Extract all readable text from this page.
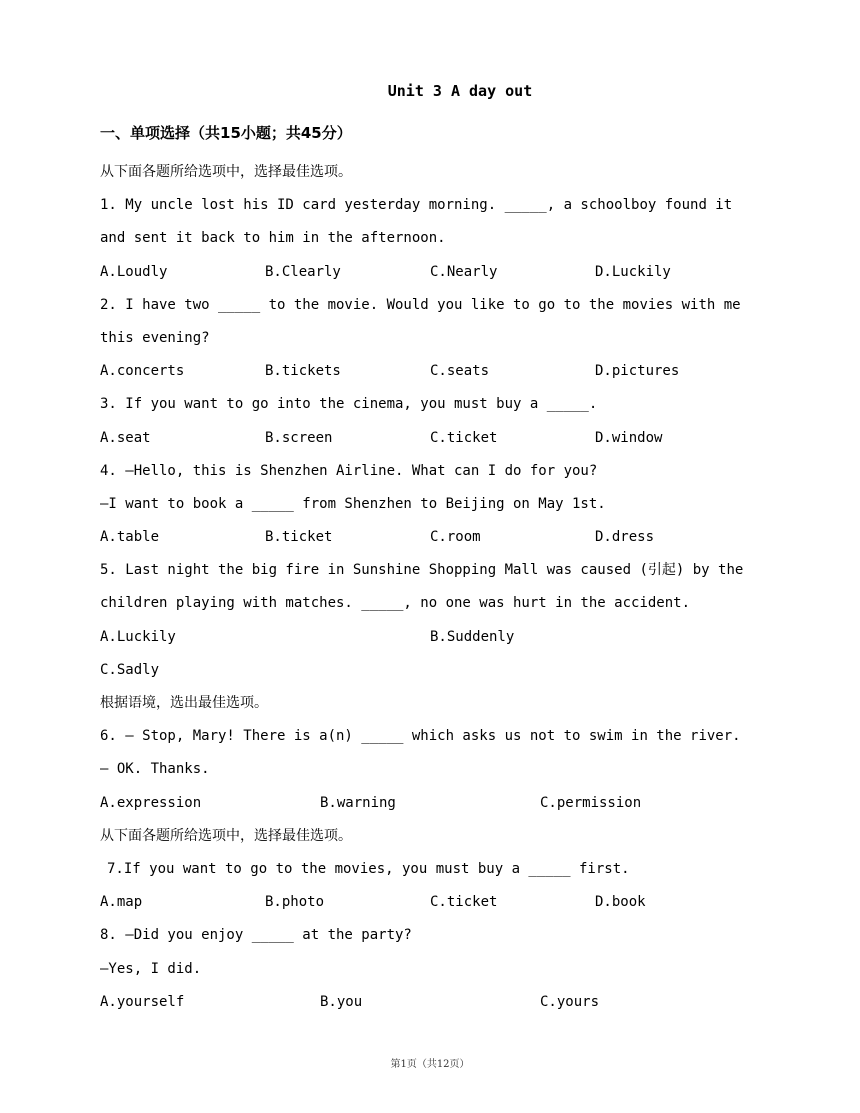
Unit 3 A day out
一、单项选择（共15小题；共45分）
从下面各题所给选项中，选择最佳选项。
1. My uncle lost his ID card yesterday morning. _____, a schoolboy found it
and sent it back to him in the afternoon.
A.Loudly	B.Clearly	C.Nearly	D.Luckily
2. I have two _____ to the movie. Would you like to go to the movies with me
this evening?
A.concerts	B.tickets	C.seats	D.pictures
3. If you want to go into the cinema, you must buy a _____.
A.seat	B.screen	C.ticket	D.window
4. —Hello, this is Shenzhen Airline. What can I do for you?
—I want to book a _____ from Shenzhen to Beijing on May 1st.
A.table	B.ticket	C.room	D.dress
5. Last night the big fire in Sunshine Shopping Mall was caused (引起) by the
children playing with matches. _____, no one was hurt in the accident.
A.Luckily	B.Suddenly
C.Sadly
根据语境，选出最佳选项。
6. — Stop, Mary! There is a(n) _____ which asks us not to swim in the river.
— OK. Thanks.
A.expression	B.warning	C.permission
从下面各题所给选项中，选择最佳选项。
7.If you want to go to the movies, you must buy a _____ first.
A.map	B.photo	C.ticket	D.book
8. —Did you enjoy _____ at the party?
—Yes, I did.
A.yourself	B.you	C.yours
第1页（共12页）
